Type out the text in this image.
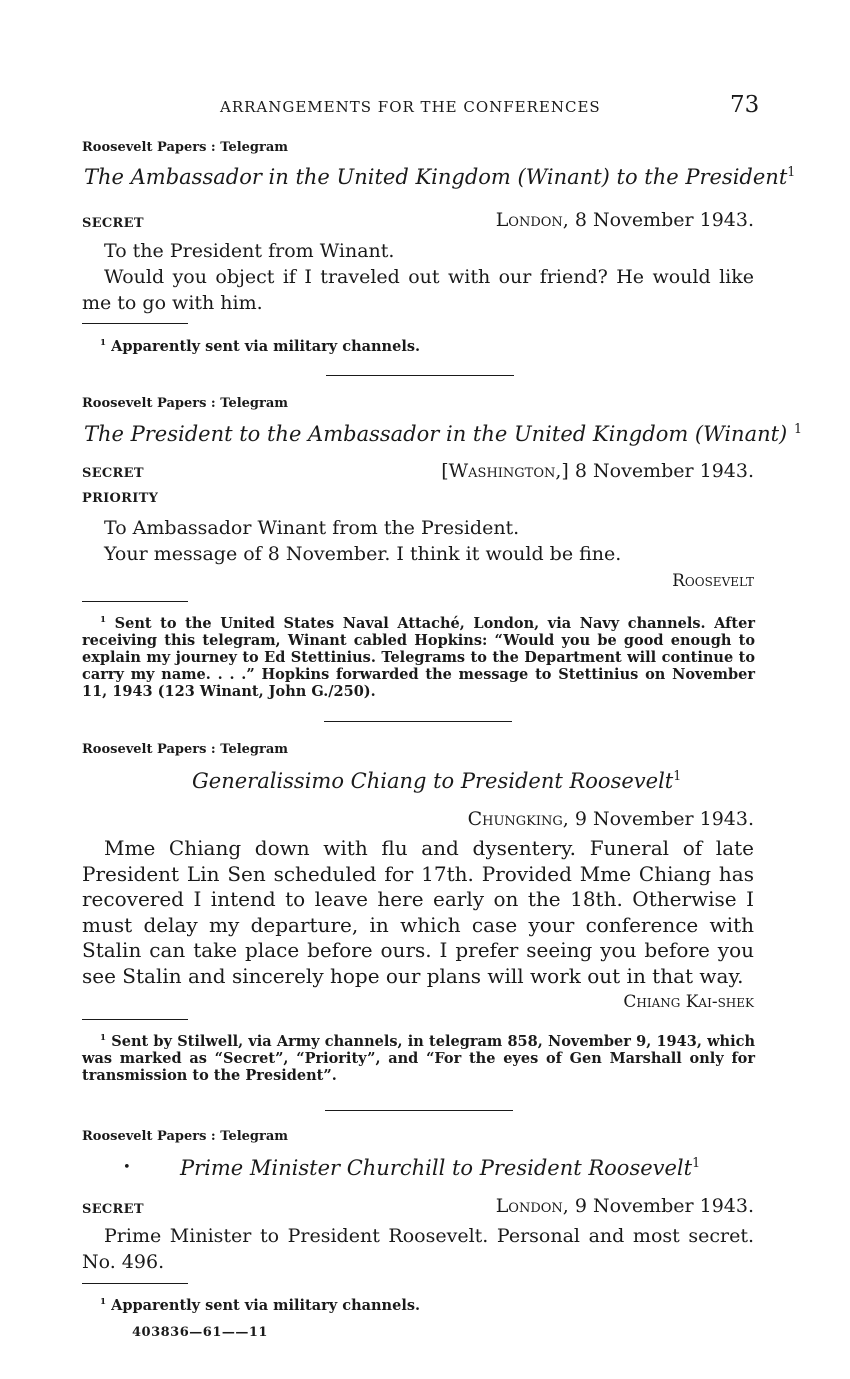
ARRANGEMENTS FOR THE CONFERENCES	73
Roosevelt Papers : Telegram
The Ambassador in the United Kingdom (Winant) to the President$^1$
SECRET	London, 8 November 1943.

To the President from Winant.

Would you object if I traveled out with our friend? He would like me to go with him.

$^1$ Apparently sent via military channels.

Roosevelt Papers : Telegram
The President to the Ambassador in the United Kingdom (Winant) $^1$
SECRET
PRIORITY
[Washington,] 8 November 1943.

To Ambassador Winant from the President.

Your message of 8 November. I think it would be fine.

Roosevelt

$^1$ Sent to the United States Naval Attaché, London, via Navy channels. After receiving this telegram, Winant cabled Hopkins: “Would you be good enough to explain my journey to Ed Stettinius. Telegrams to the Department will continue to carry my name. . . .” Hopkins forwarded the message to Stettinius on November 11, 1943 (123 Winant, John G./250).

Roosevelt Papers : Telegram
Generalissimo Chiang to President Roosevelt$^1$
Chungking, 9 November 1943.

Mme Chiang down with flu and dysentery. Funeral of late President Lin Sen scheduled for 17th. Provided Mme Chiang has recovered I intend to leave here early on the 18th. Otherwise I must delay my departure, in which case your conference with Stalin can take place before ours. I prefer seeing you before you see Stalin and sincerely hope our plans will work out in that way.

Chiang Kai-shek

$^1$ Sent by Stilwell, via Army channels, in telegram 858, November 9, 1943, which was marked as “Secret”, “Priority”, and “For the eyes of Gen Marshall only for transmission to the President”.

Roosevelt Papers : Telegram
• Prime Minister Churchill to President Roosevelt$^1$
SECRET	London, 9 November 1943.

Prime Minister to President Roosevelt. Personal and most secret. No. 496.

$^1$ Apparently sent via military channels.

403836—61——11
